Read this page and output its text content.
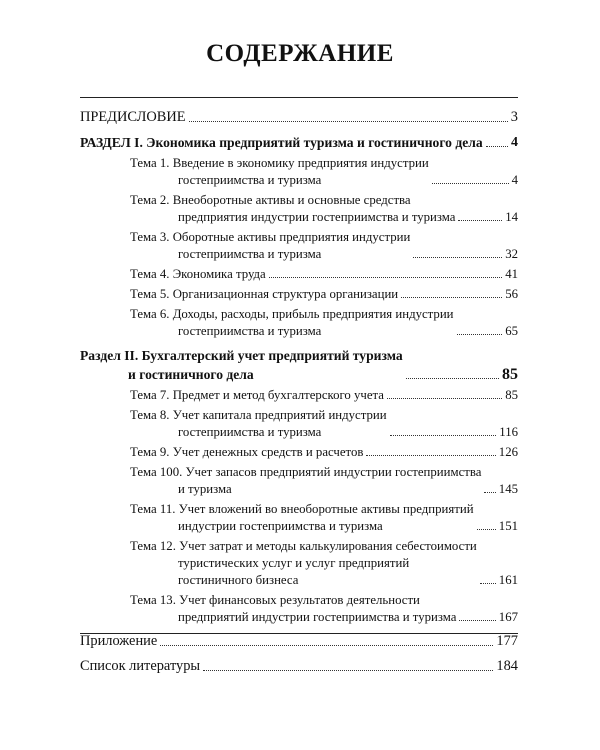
СОДЕРЖАНИЕ
ПРЕДИСЛОВИЕ	3
РАЗДЕЛ I. Экономика предприятий туризма и гостиничного дела 4
Тема 1. Введение в экономику предприятия индустрии
гостеприимства и туризма	4
Тема 2. Внеоборотные активы и основные средства
предприятия индустрии гостеприимства и туризма	14
Тема 3. Оборотные активы предприятия индустрии
гостеприимства и туризма	32
Тема 4. Экономика труда	41
Тема 5. Организационная структура организации	56
Тема 6. Доходы, расходы, прибыль предприятия индустрии
гостеприимства и туризма	65
Раздел II. Бухгалтерский учет предприятий туризма
и гостиничного дела	85
Тема 7. Предмет и метод бухгалтерского учета	85
Тема 8. Учет капитала предприятий индустрии
гостеприимства и туризма	116
Тема 9. Учет денежных средств и расчетов	126
Тема 100. Учет запасов предприятий индустрии гостеприимства
и туризма	145
Тема 11. Учет вложений во внеоборотные активы предприятий
индустрии гостеприимства и туризма	151
Тема 12. Учет затрат и методы калькулирования себестоимости
туристических услуг и услуг предприятий
гостиничного бизнеса	161
Тема 13. Учет финансовых результатов деятельности
предприятий индустрии гостеприимства и туризма	167
Приложение	177
Список литературы	184
